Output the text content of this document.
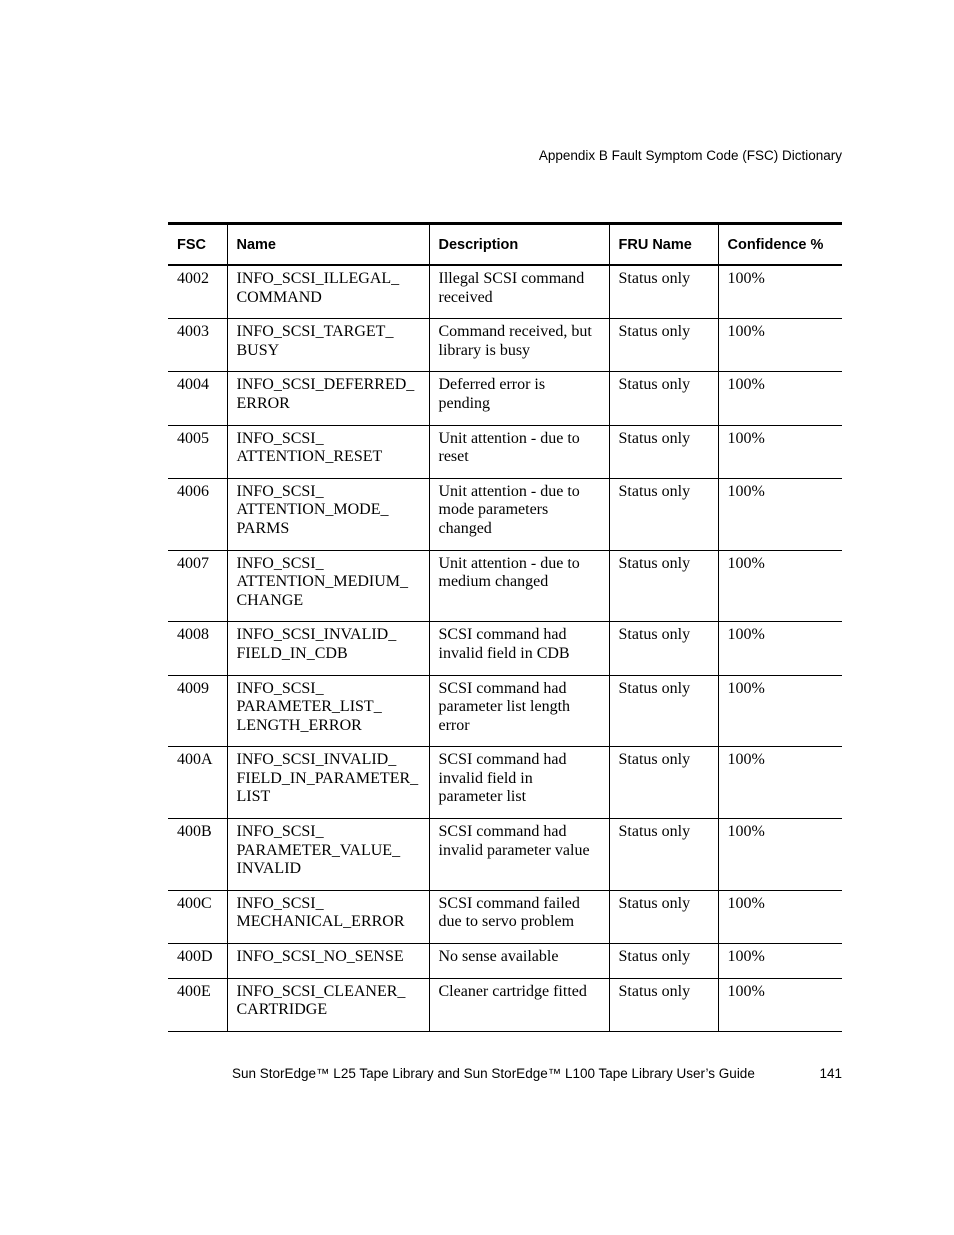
Appendix B Fault Symptom Code (FSC) Dictionary
FSC	Name	Description	FRU Name	Confidence %
4002	INFO_SCSI_ILLEGAL_ COMMAND	Illegal SCSI command received	Status only	100%
4003	INFO_SCSI_TARGET_ BUSY	Command received, but library is busy	Status only	100%
4004	INFO_SCSI_DEFERRED_ ERROR	Deferred error is pending	Status only	100%
4005	INFO_SCSI_ ATTENTION_RESET	Unit attention - due to reset	Status only	100%
4006	INFO_SCSI_ ATTENTION_MODE_ PARMS	Unit attention - due to mode parameters changed	Status only	100%
4007	INFO_SCSI_ ATTENTION_MEDIUM_ CHANGE	Unit attention - due to medium changed	Status only	100%
4008	INFO_SCSI_INVALID_ FIELD_IN_CDB	SCSI command had invalid field in CDB	Status only	100%
4009	INFO_SCSI_ PARAMETER_LIST_ LENGTH_ERROR	SCSI command had parameter list length error	Status only	100%
400A	INFO_SCSI_INVALID_ FIELD_IN_PARAMETER_ LIST	SCSI command had invalid field in parameter list	Status only	100%
400B	INFO_SCSI_ PARAMETER_VALUE_ INVALID	SCSI command had invalid parameter value	Status only	100%
400C	INFO_SCSI_ MECHANICAL_ERROR	SCSI command failed due to servo problem	Status only	100%
400D	INFO_SCSI_NO_SENSE	No sense available	Status only	100%
400E	INFO_SCSI_CLEANER_ CARTRIDGE	Cleaner cartridge fitted	Status only	100%
Sun StorEdge™ L25 Tape Library and Sun StorEdge™ L100 Tape Library User’s Guide	141
